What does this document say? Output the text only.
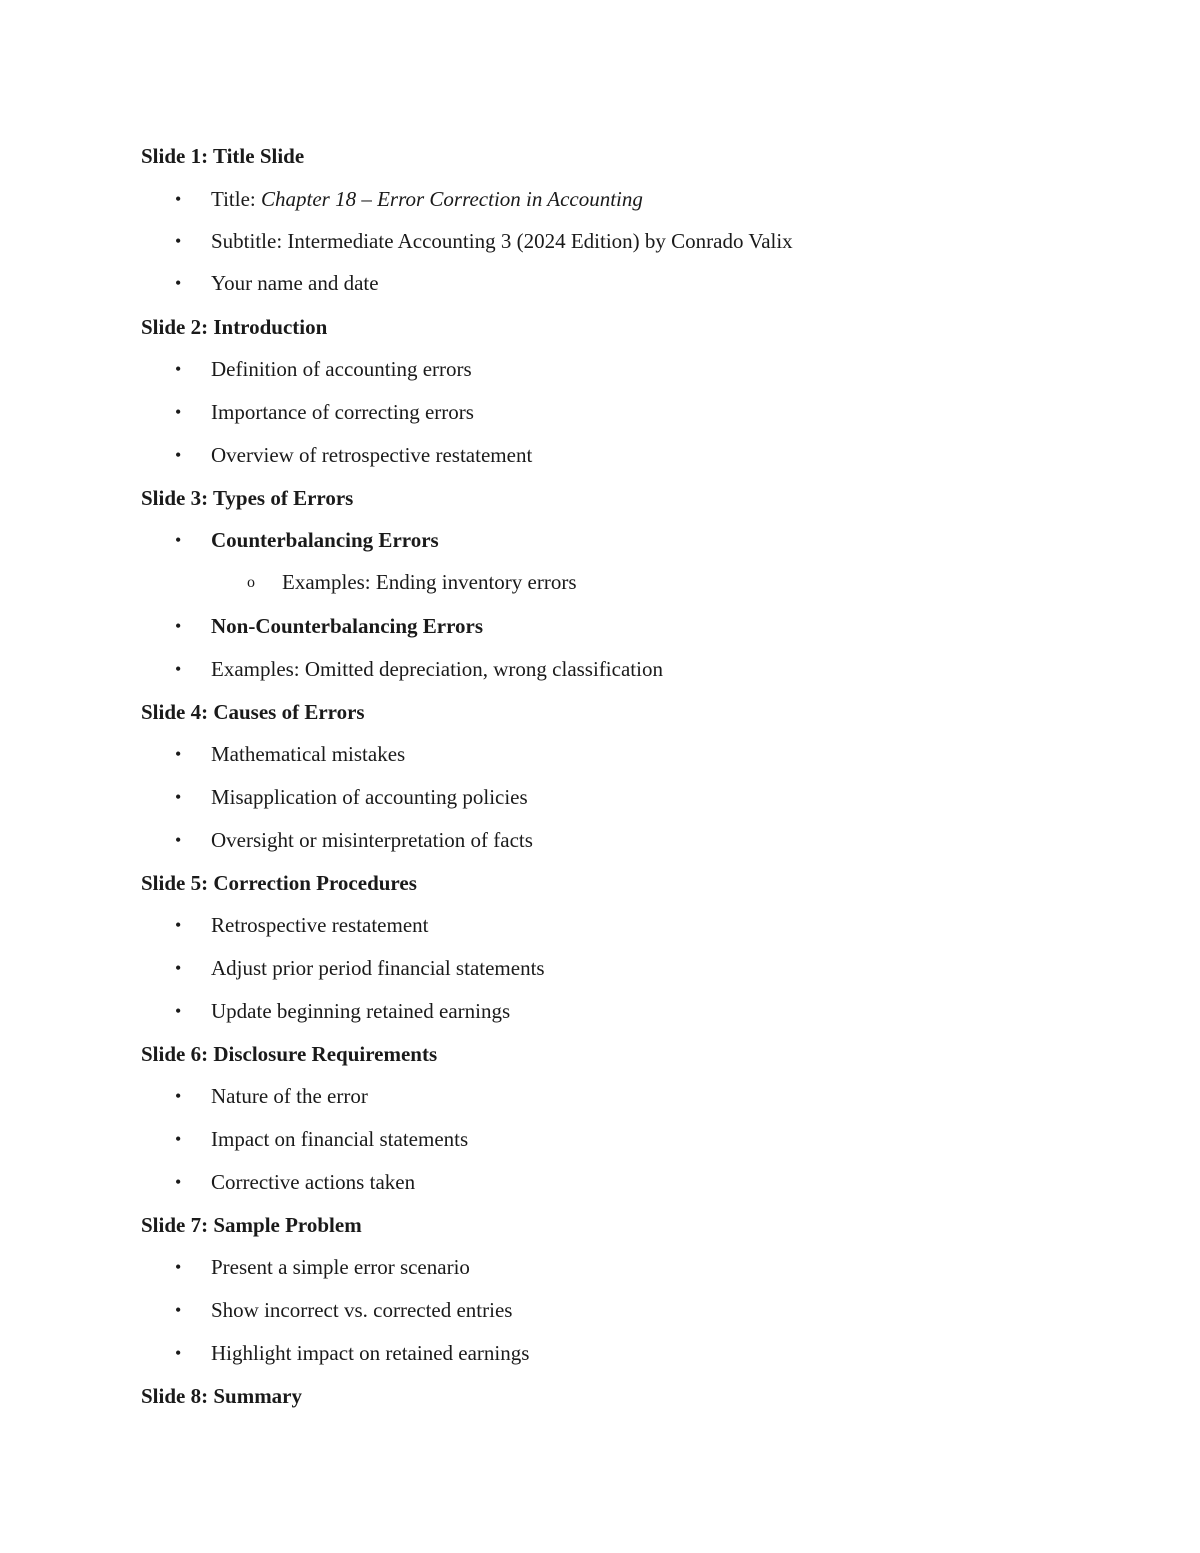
Slide 1: Title Slide
• Title: Chapter 18 – Error Correction in Accounting
• Subtitle: Intermediate Accounting 3 (2024 Edition) by Conrado Valix
• Your name and date
Slide 2: Introduction
• Definition of accounting errors
• Importance of correcting errors
• Overview of retrospective restatement
Slide 3: Types of Errors
• Counterbalancing Errors
o Examples: Ending inventory errors
• Non-Counterbalancing Errors
• Examples: Omitted depreciation, wrong classification
Slide 4: Causes of Errors
• Mathematical mistakes
• Misapplication of accounting policies
• Oversight or misinterpretation of facts
Slide 5: Correction Procedures
• Retrospective restatement
• Adjust prior period financial statements
• Update beginning retained earnings
Slide 6: Disclosure Requirements
• Nature of the error
• Impact on financial statements
• Corrective actions taken
Slide 7: Sample Problem
• Present a simple error scenario
• Show incorrect vs. corrected entries
• Highlight impact on retained earnings
Slide 8: Summary
